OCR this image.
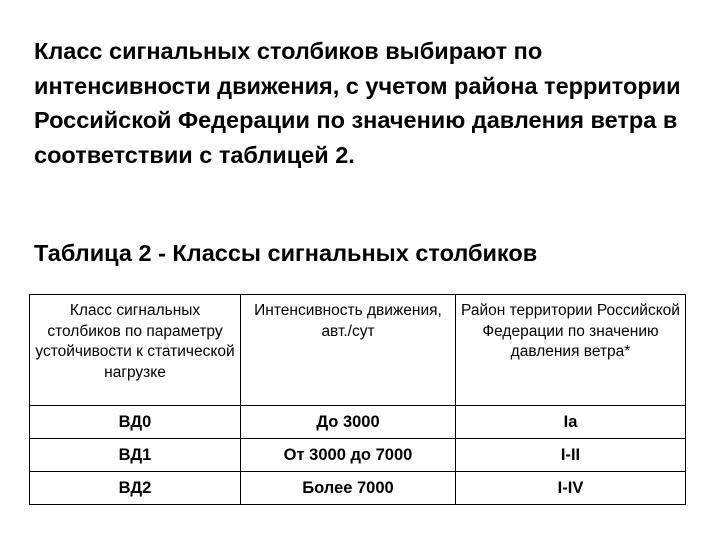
Класс сигнальных столбиков выбирают по интенсивности движения, с учетом района территории Российской Федерации по значению давления ветра в соответствии с таблицей 2.

Таблица 2 - Классы сигнальных столбиков
Класс сигнальных столбиков по параметру устойчивости к статической нагрузке	Интенсивность движения, авт./сут	Район территории Российской Федерации по значению давления ветра*
ВД0	До 3000	Iа
ВД1	От 3000 до 7000	I-II
ВД2	Более 7000	I-IV
